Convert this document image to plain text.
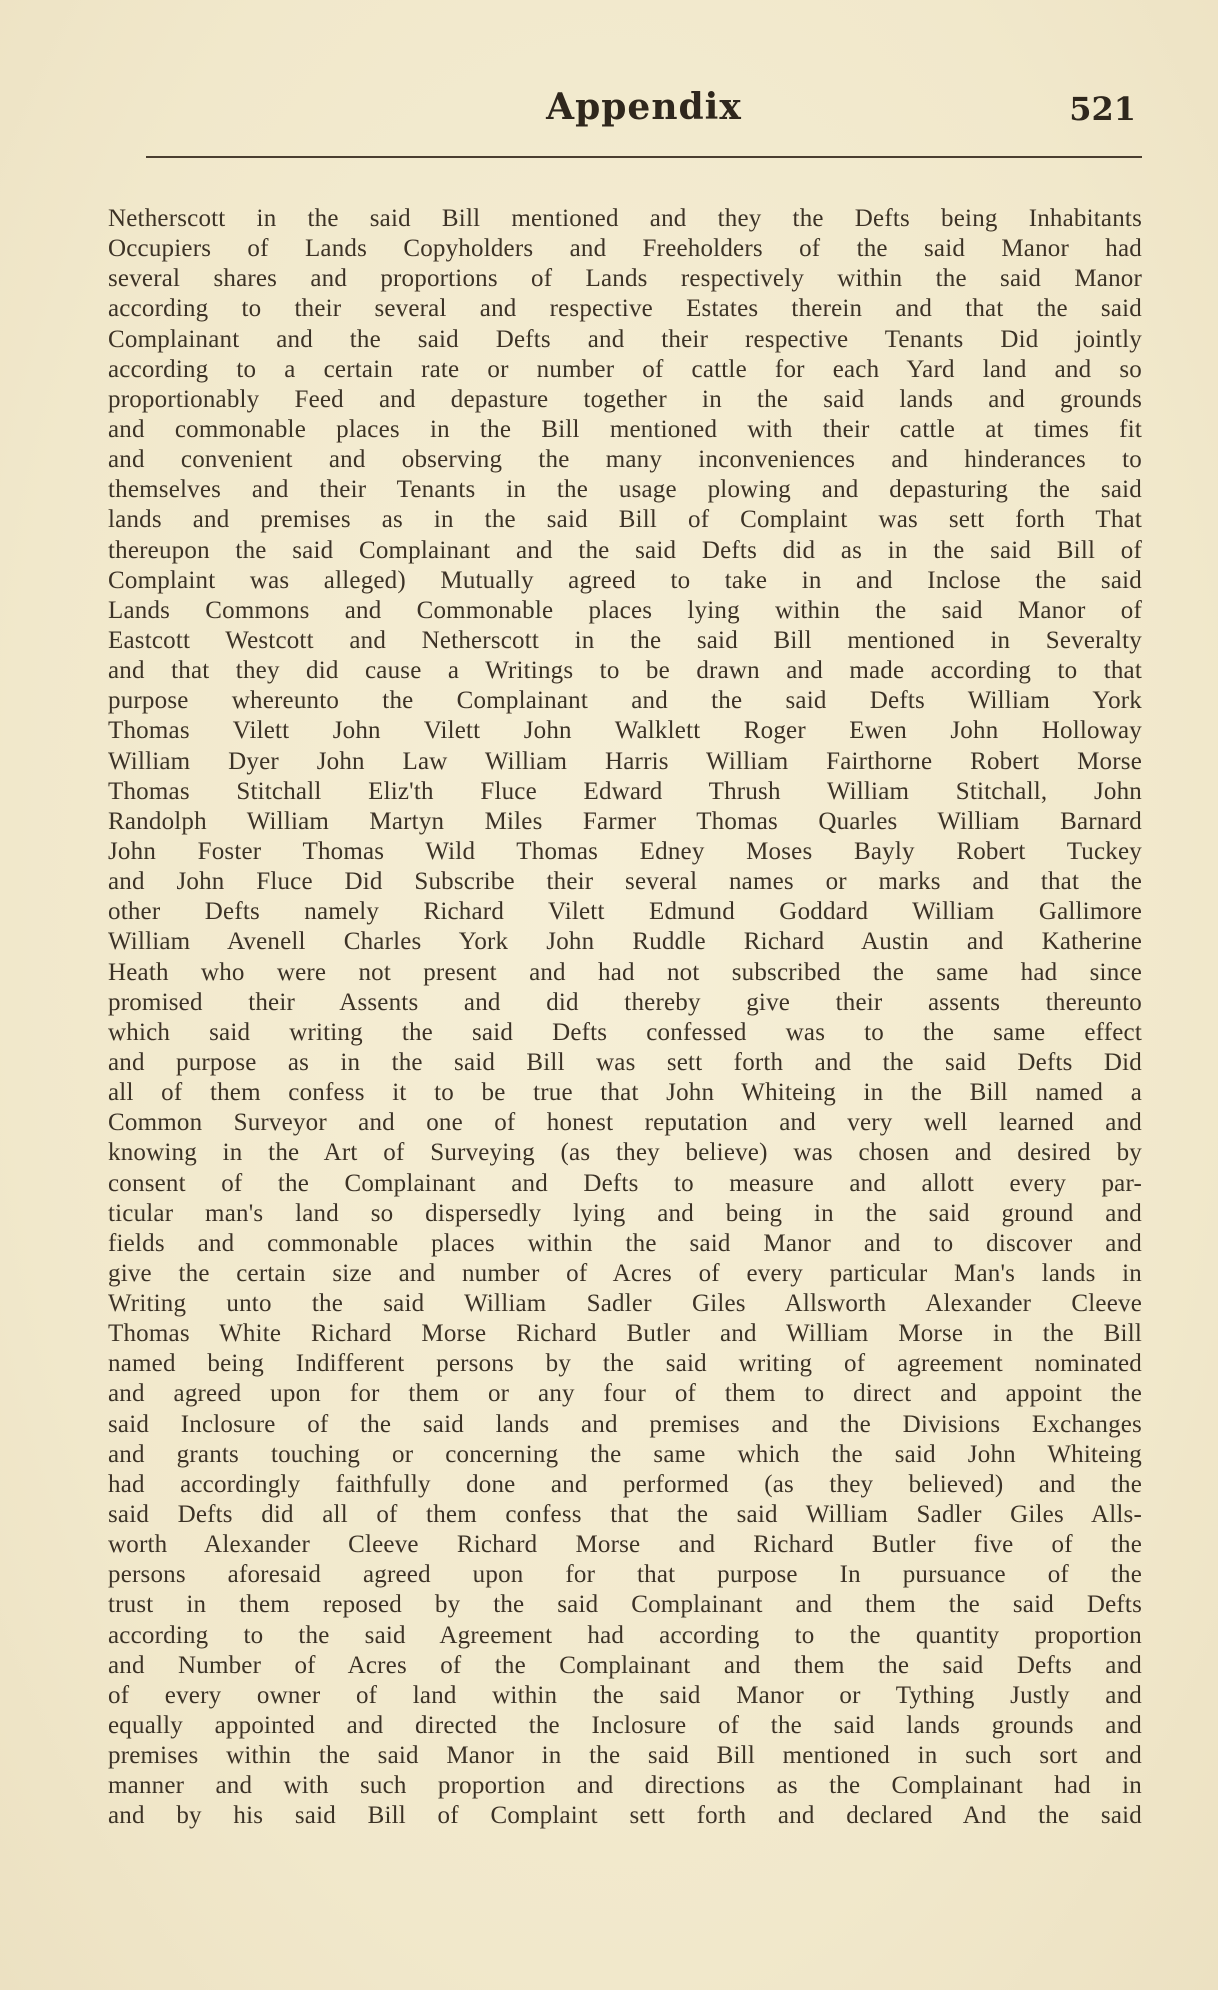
Appendix	521
Netherscott in the said Bill mentioned and they the Defts being Inhabitants
Occupiers of Lands Copyholders and Freeholders of the said Manor had
several shares and proportions of Lands respectively within the said Manor
according to their several and respective Estates therein and that the said
Complainant and the said Defts and their respective Tenants Did jointly
according to a certain rate or number of cattle for each Yard land and so
proportionably Feed and depasture together in the said lands and grounds
and commonable places in the Bill mentioned with their cattle at times fit
and convenient and observing the many inconveniences and hinderances to
themselves and their Tenants in the usage plowing and depasturing the said
lands and premises as in the said Bill of Complaint was sett forth That
thereupon the said Complainant and the said Defts did as in the said Bill of
Complaint was alleged) Mutually agreed to take in and Inclose the said
Lands Commons and Commonable places lying within the said Manor of
Eastcott Westcott and Netherscott in the said Bill mentioned in Severalty
and that they did cause a Writings to be drawn and made according to that
purpose whereunto the Complainant and the said Defts William York
Thomas Vilett John Vilett John Walklett Roger Ewen John Holloway
William Dyer John Law William Harris William Fairthorne Robert Morse
Thomas Stitchall Eliz'th Fluce Edward Thrush William Stitchall, John
Randolph William Martyn Miles Farmer Thomas Quarles William Barnard
John Foster Thomas Wild Thomas Edney Moses Bayly Robert Tuckey
and John Fluce Did Subscribe their several names or marks and that the
other Defts namely Richard Vilett Edmund Goddard William Gallimore
William Avenell Charles York John Ruddle Richard Austin and Katherine
Heath who were not present and had not subscribed the same had since
promised their Assents and did thereby give their assents thereunto
which said writing the said Defts confessed was to the same effect
and purpose as in the said Bill was sett forth and the said Defts Did
all of them confess it to be true that John Whiteing in the Bill named a
Common Surveyor and one of honest reputation and very well learned and
knowing in the Art of Surveying (as they believe) was chosen and desired by
consent of the Complainant and Defts to measure and allott every par-
ticular man's land so dispersedly lying and being in the said ground and
fields and commonable places within the said Manor and to discover and
give the certain size and number of Acres of every particular Man's lands in
Writing unto the said William Sadler Giles Allsworth Alexander Cleeve
Thomas White Richard Morse Richard Butler and William Morse in the Bill
named being Indifferent persons by the said writing of agreement nominated
and agreed upon for them or any four of them to direct and appoint the
said Inclosure of the said lands and premises and the Divisions Exchanges
and grants touching or concerning the same which the said John Whiteing
had accordingly faithfully done and performed (as they believed) and the
said Defts did all of them confess that the said William Sadler Giles Alls-
worth Alexander Cleeve Richard Morse and Richard Butler five of the
persons aforesaid agreed upon for that purpose In pursuance of the
trust in them reposed by the said Complainant and them the said Defts
according to the said Agreement had according to the quantity proportion
and Number of Acres of the Complainant and them the said Defts and
of every owner of land within the said Manor or Tything Justly and
equally appointed and directed the Inclosure of the said lands grounds and
premises within the said Manor in the said Bill mentioned in such sort and
manner and with such proportion and directions as the Complainant had in
and by his said Bill of Complaint sett forth and declared And the said
